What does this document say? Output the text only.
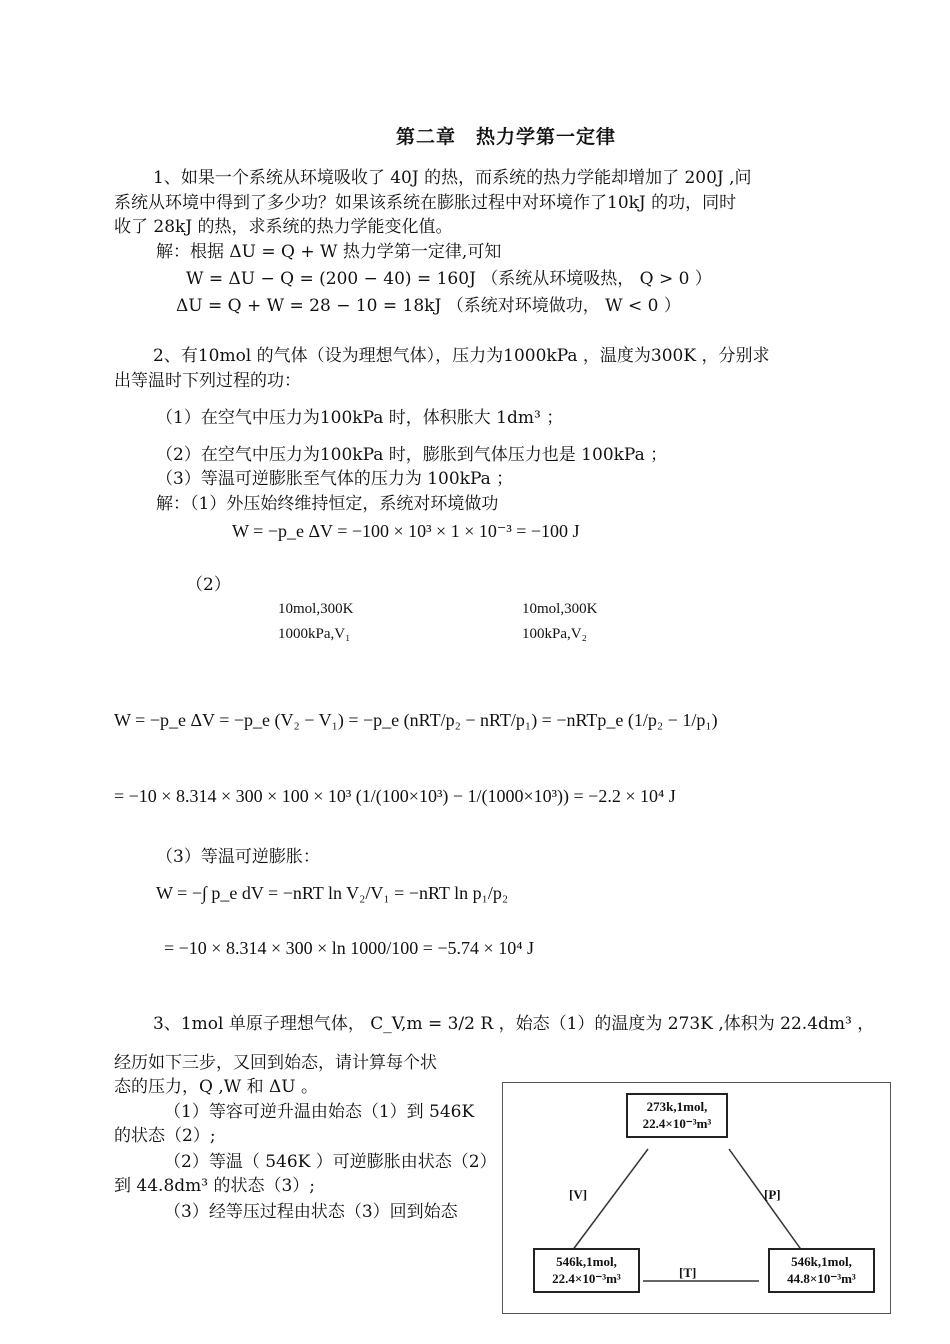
第二章　热力学第一定律
1、如果一个系统从环境吸收了 40J 的热，而系统的热力学能却增加了 200J ,问
系统从环境中得到了多少功？如果该系统在膨胀过程中对环境作了10kJ 的功，同时
收了 28kJ 的热，求系统的热力学能变化值。
解：根据 ΔU = Q + W 热力学第一定律,可知
W = ΔU − Q = (200 − 40) = 160J （系统从环境吸热， Q > 0 ）
ΔU = Q + W = 28 − 10 = 18kJ （系统对环境做功， W < 0 ）
2、有10mol 的气体（设为理想气体），压力为1000kPa ，温度为300K ，分别求
出等温时下列过程的功：
（1）在空气中压力为100kPa 时，体积胀大 1dm³ ；
（2）在空气中压力为100kPa 时，膨胀到气体压力也是 100kPa ；
（3）等温可逆膨胀至气体的压力为 100kPa ；
解：（1）外压始终维持恒定，系统对环境做功
W = −p_e ΔV = −100 × 10³ × 1 × 10⁻³ = −100 J
（2）
10mol,300K
1000kPa,V₁
10mol,300K
100kPa,V₂
W = −p_e ΔV = −p_e (V₂ − V₁) = −p_e (nRT/p₂ − nRT/p₁) = −nRTp_e (1/p₂ − 1/p₁)
= −10 × 8.314 × 300 × 100 × 10³ (1/(100×10³) − 1/(1000×10³)) = −2.2 × 10⁴ J
（3）等温可逆膨胀：
W = −∫ p_e dV = −nRT ln V₂/V₁ = −nRT ln p₁/p₂
= −10 × 8.314 × 300 × ln 1000/100 = −5.74 × 10⁴ J
3、1mol 单原子理想气体， C_V,m = 3/2 R ，始态（1）的温度为 273K ,体积为 22.4dm³ ，
经历如下三步，又回到始态，请计算每个状
态的压力，Q ,W 和 ΔU 。
（1）等容可逆升温由始态（1）到 546K
的状态（2）;
（2）等温（ 546K ）可逆膨胀由状态（2）
到 44.8dm³ 的状态（3）;
（3）经等压过程由状态（3）回到始态
273k,1mol,
22.4×10⁻³m³
546k,1mol,
22.4×10⁻³m³
546k,1mol,
44.8×10⁻³m³
[V]	[P]
[T]
